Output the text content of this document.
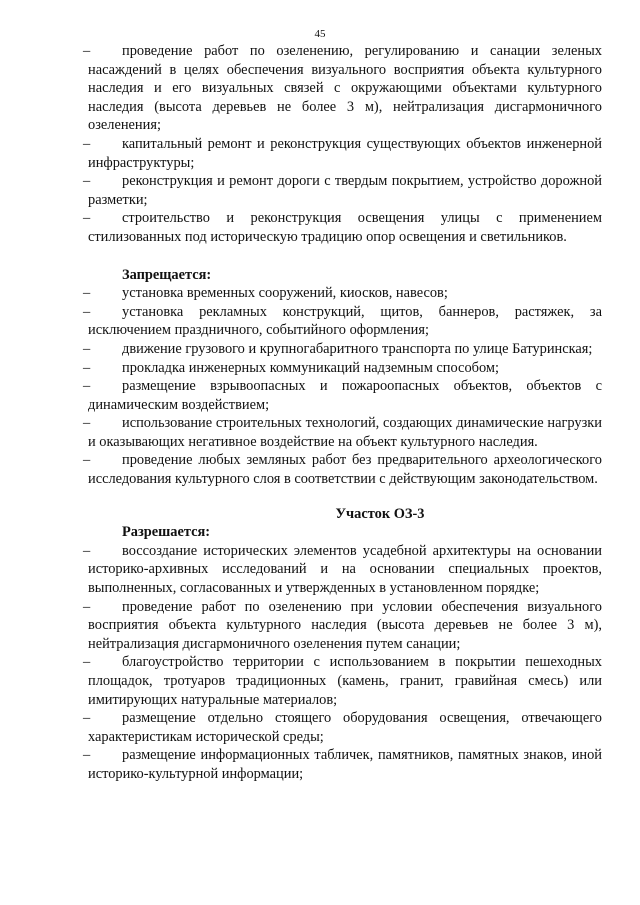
45

– проведение работ по озеленению, регулированию и санации зеленых насаждений в целях обеспечения визуального восприятия объекта культурного наследия и его визуальных связей с окружающими объектами культурного наследия (высота деревьев не более 3 м), нейтрализация дисгармоничного озеленения;

– капитальный ремонт и реконструкция существующих объектов инженерной инфраструктуры;

– реконструкция и ремонт дороги с твердым покрытием, устройство дорожной разметки;

– строительство и реконструкция освещения улицы с применением стилизованных под историческую традицию опор освещения и светильников.

Запрещается:

– установка временных сооружений, киосков, навесов;

– установка рекламных конструкций, щитов, баннеров, растяжек, за исключением праздничного, событийного оформления;

– движение грузового и крупногабаритного транспорта по улице Батуринская;

– прокладка инженерных коммуникаций надземным способом;

– размещение взрывоопасных и пожароопасных объектов, объектов с динамическим воздействием;

– использование строительных технологий, создающих динамические нагрузки и оказывающих негативное воздействие на объект культурного наследия.

– проведение любых земляных работ без предварительного археологического исследования культурного слоя в соответствии с действующим законодательством.

Участок ОЗ-3

Разрешается:

– воссоздание исторических элементов усадебной архитектуры на основании историко-архивных исследований и на основании специальных проектов, выполненных, согласованных и утвержденных в установленном порядке;

– проведение работ по озеленению при условии обеспечения визуального восприятия объекта культурного наследия (высота деревьев не более 3 м), нейтрализация дисгармоничного озеленения путем санации;

– благоустройство территории с использованием в покрытии пешеходных площадок, тротуаров традиционных (камень, гранит, гравийная смесь) или имитирующих натуральные материалов;

– размещение отдельно стоящего оборудования освещения, отвечающего характеристикам исторической среды;

– размещение информационных табличек, памятников, памятных знаков, иной историко-культурной информации;
